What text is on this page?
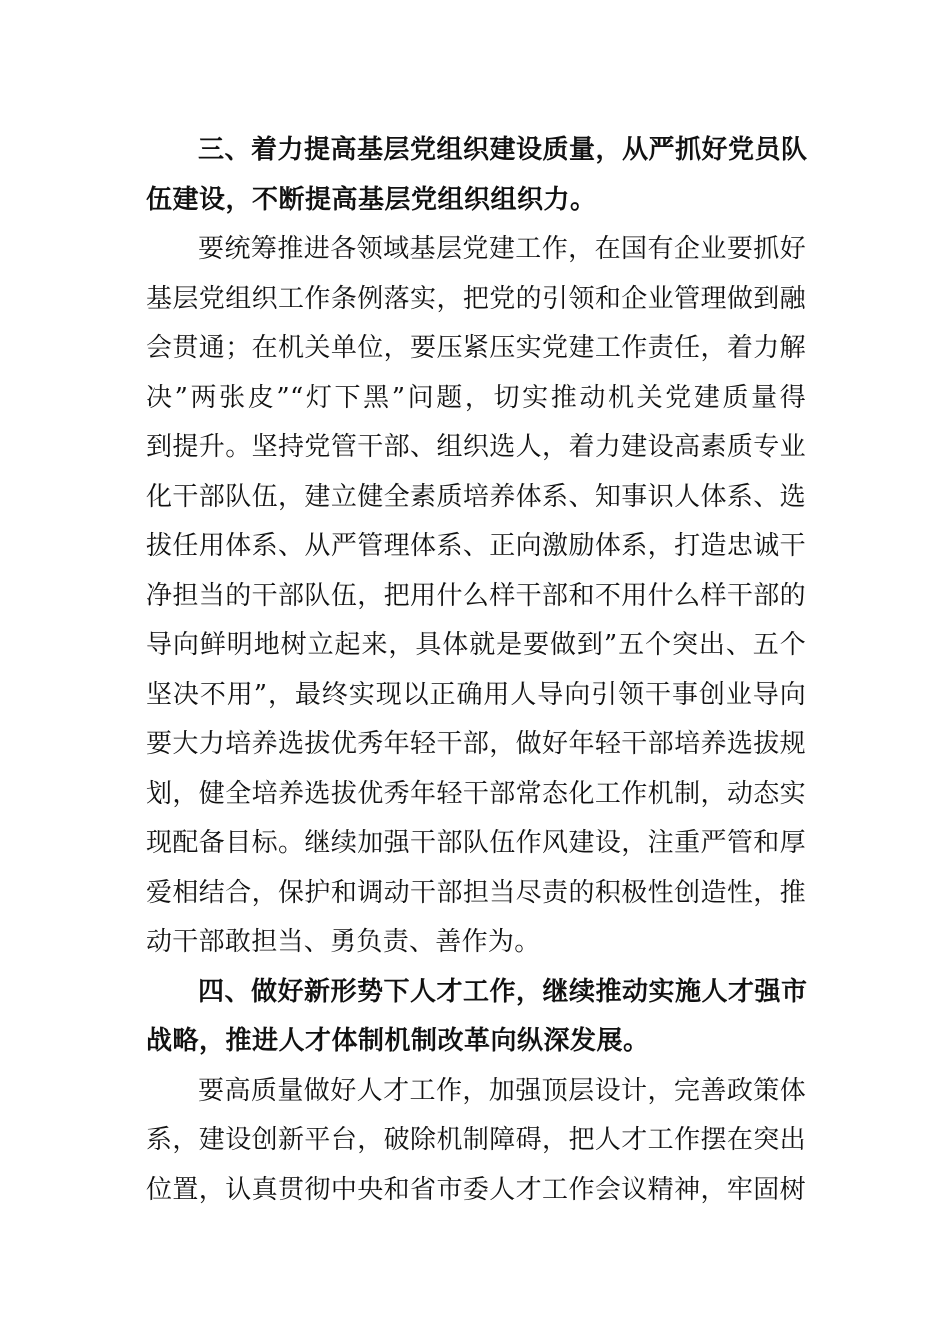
三、着力提高基层党组织建设质量，从严抓好党员队
伍建设，不断提高基层党组织组织力。
要统筹推进各领域基层党建工作，在国有企业要抓好
基层党组织工作条例落实，把党的引领和企业管理做到融
会贯通；在机关单位，要压紧压实党建工作责任，着力解
决”两张皮”“灯下黑”问题，切实推动机关党建质量得
到提升。坚持党管干部、组织选人，着力建设高素质专业
化干部队伍，建立健全素质培养体系、知事识人体系、选
拔任用体系、从严管理体系、正向激励体系，打造忠诚干
净担当的干部队伍，把用什么样干部和不用什么样干部的
导向鲜明地树立起来，具体就是要做到”五个突出、五个
坚决不用”，最终实现以正确用人导向引领干事创业导向
要大力培养选拔优秀年轻干部，做好年轻干部培养选拔规
划，健全培养选拔优秀年轻干部常态化工作机制，动态实
现配备目标。继续加强干部队伍作风建设，注重严管和厚
爱相结合，保护和调动干部担当尽责的积极性创造性，推
动干部敢担当、勇负责、善作为。
四、做好新形势下人才工作，继续推动实施人才强市
战略，推进人才体制机制改革向纵深发展。
要高质量做好人才工作，加强顶层设计，完善政策体
系，建设创新平台，破除机制障碍，把人才工作摆在突出
位置，认真贯彻中央和省市委人才工作会议精神，牢固树
